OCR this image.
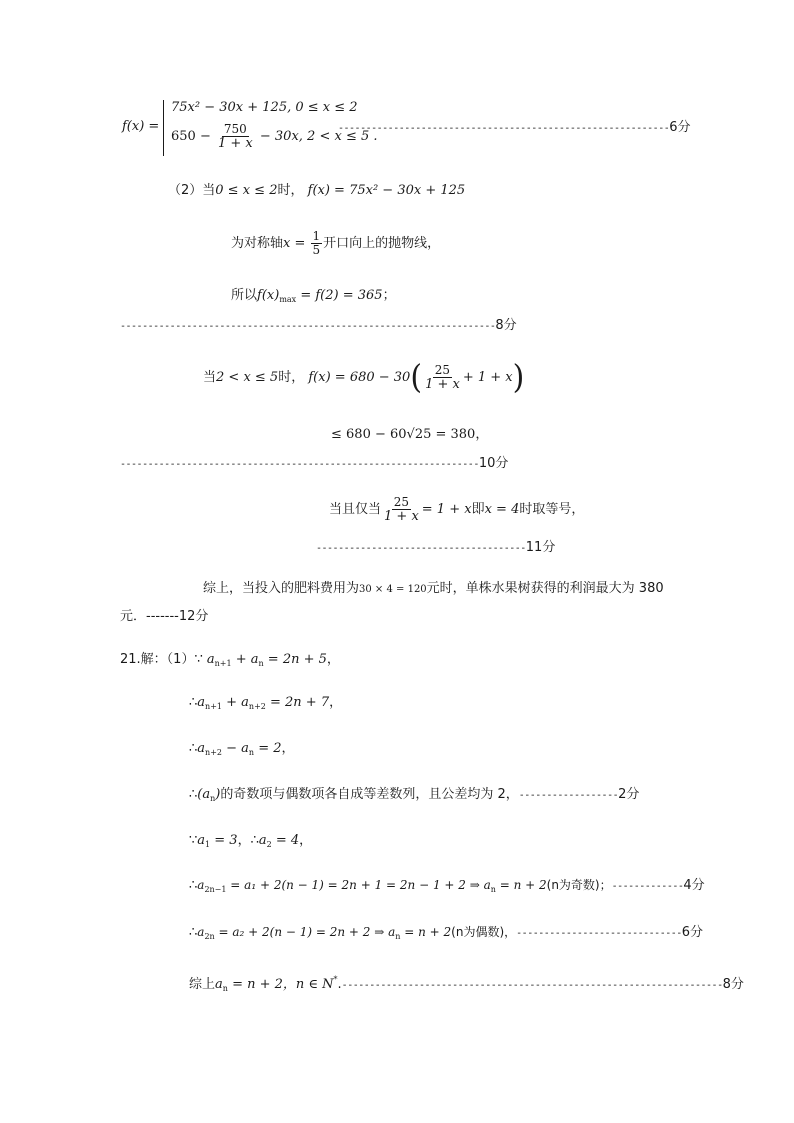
f(x) =
75x² − 30x + 125, 0 ≤ x ≤ 2
$650 - \frac{750}{1 + x} - 30x$, 2 < x ≤ 5 .
------------------------------------------------------------6分
（2）当0 ≤ x ≤ 2时， f(x) = 75x² − 30x + 125
为对称轴$x = \frac{1}{5}$ 开口向上的抛物线，
所以$f(x)_{max} = f(2) = 365$；
--------------------------------------------------------------------8分
当2 < x ≤ 5时， $f(x) = 680 - 30( \frac{25}{1 + x} + 1 + x)$
≤ 680 − 60√25 = 380，
-----------------------------------------------------------------10分
当且仅当 $\frac{25}{1 + x} = 1 + x$即x = 4时取等号，
--------------------------------------11分
综上，当投入的肥料费用为30 × 4 = 120元时，单株水果树获得的利润最大为 380
元．-------12分
21.解：（1）∵ $a_{n+1} + a_n = 2n + 5$，
$\therefore a_{n+1} + a_{n+2} = 2n + 7$，
$\therefore a_{n+2} - a_n = 2$，
$\therefore(a_n)$的奇数项与偶数项各自成等差数列，且公差均为 2，------------------2分
$\because a_1 = 3$，$\therefore a_2 = 4$，
$\therefore a_{2n-1} = a_1 + 2(n - 1) = 2n + 1 = 2n - 1 + 2$ ⇒ $a_n = n + 2(n$为奇数)；-------------4分
$\therefore a_{2n} = a_2 + 2(n - 1) = 2n + 2$ ⇒ $a_n = n + 2(n$为偶数)，------------------------------6分
综上$a_n = n + 2$，n ∈ N*.---------------------------------------------------------------------8分
